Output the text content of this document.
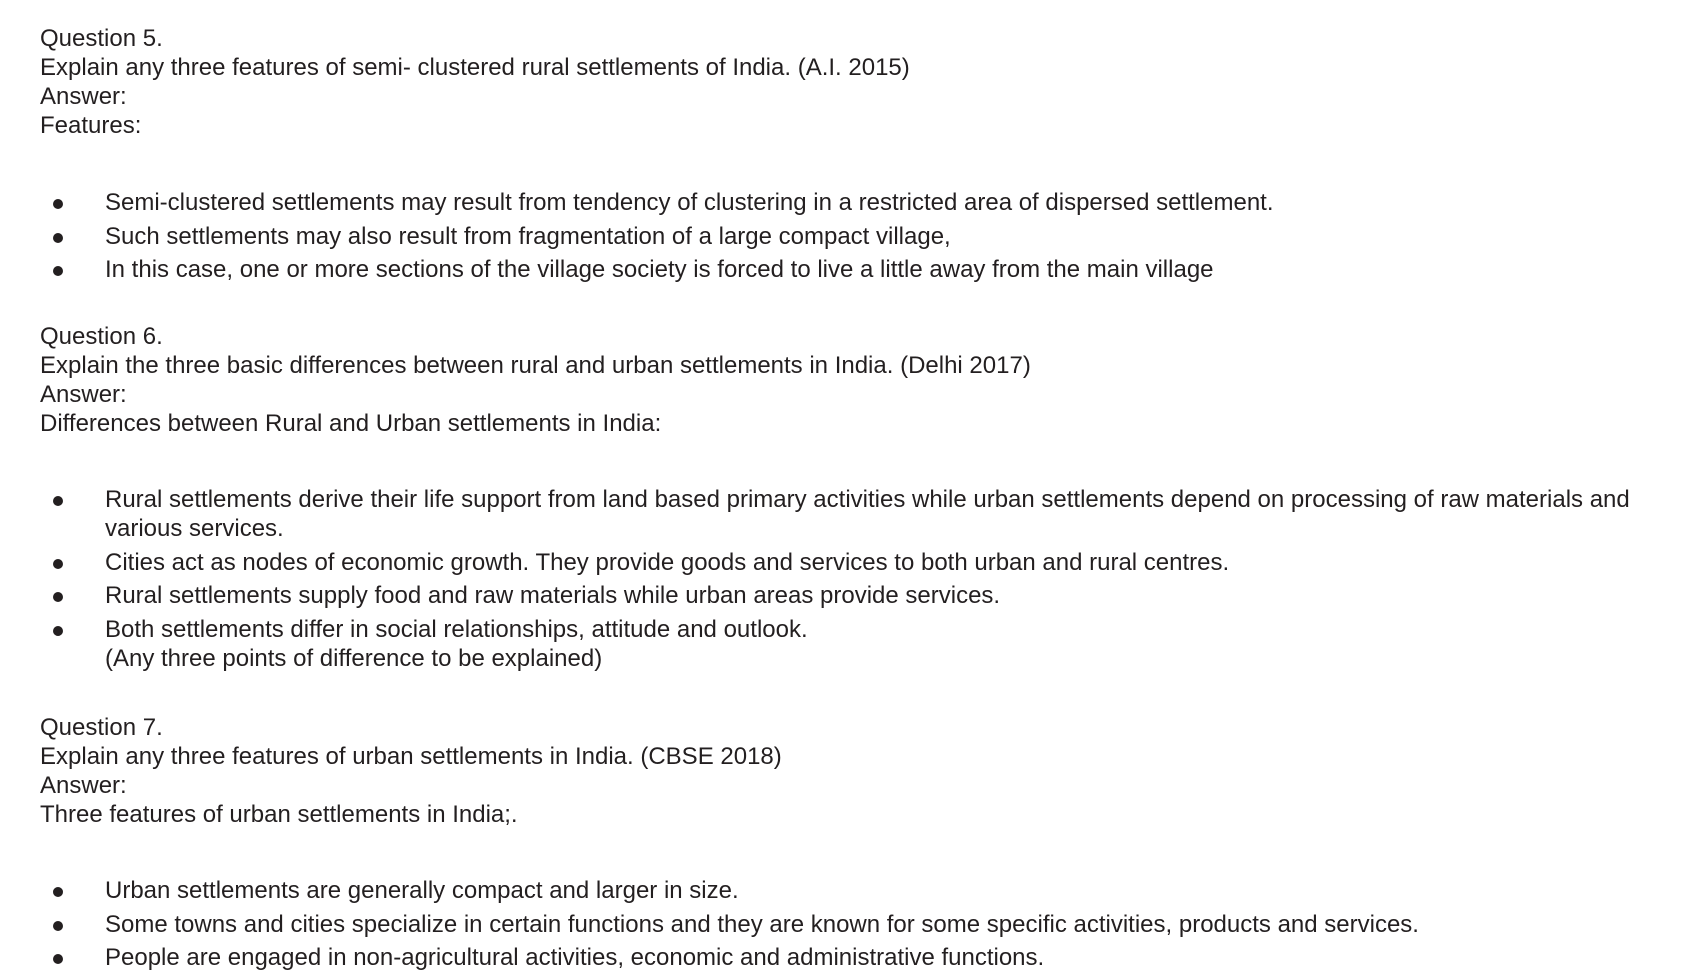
Question 5.
Explain any three features of semi- clustered rural settlements of India. (A.I. 2015)
Answer:
Features:
Semi-clustered settlements may result from tendency of clustering in a restricted area of dispersed settlement.
Such settlements may also result from fragmentation of a large compact village,
In this case, one or more sections of the village society is forced to live a little away from the main village
Question 6.
Explain the three basic differences between rural and urban settlements in India. (Delhi 2017)
Answer:
Differences between Rural and Urban settlements in India:
Rural settlements derive their life support from land based primary activities while urban settlements depend on processing of raw materials and various services.
Cities act as nodes of economic growth. They provide goods and services to both urban and rural centres.
Rural settlements supply food and raw materials while urban areas provide services.
Both settlements differ in social relationships, attitude and outlook.
(Any three points of difference to be explained)
Question 7.
Explain any three features of urban settlements in India. (CBSE 2018)
Answer:
Three features of urban settlements in India;.
Urban settlements are generally compact and larger in size.
Some towns and cities specialize in certain functions and they are known for some specific activities, products and services.
People are engaged in non-agricultural activities, economic and administrative functions.
